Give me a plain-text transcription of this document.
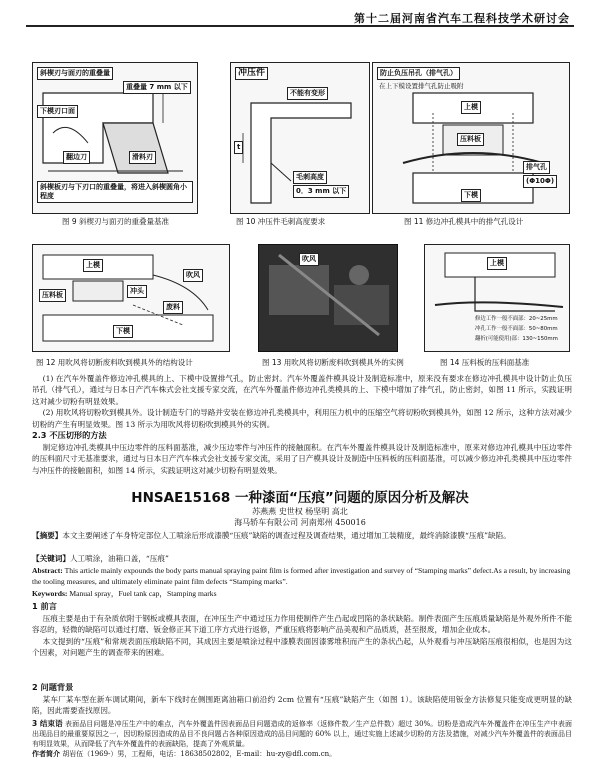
第十二届河南省汽车工程科技学术研讨会
斜楔刃与面刃的重叠量
重叠量 7 mm 以下
下模刃口面
翻边刀	滑料刃
斜楔板刃与下刃口的重叠量，将进入斜楔圆角小程度
图 9 斜楔刃与面刃的重叠量基准
冲压件
不能有变形
t
毛刺高度
0．3 mm 以下
图 10 冲压件毛刺高度要求
防止负压吊孔（排气孔）
在上下模设置排气孔防止吸附
上模
压料板
排气孔
(Φ10Φ)
下模
图 11 修边冲孔模具中的排气孔设计
上模
压料板	冲头
吹风
废料
下模
图 12 用吹风将切断废料吹到模具外的结构设计
吹风
图 13 用吹风将切断废料吹到模具外的实例
上模
修边工作一般不面部：20~25mm
冲孔工作一般不面部：50~80mm
翻折(可能使用)部：130~150mm
图 14 压料板的压料面基准

(1) 在汽车外覆盖件修边冲孔模具的上、下模中设置排气孔，防止密封。汽车外覆盖件模具设计及制造标准中，原来没有要求在修边冲孔模具中设计防止负压吊孔（排气孔），通过与日本日产汽车株式会社支援专家交流，在汽车外覆盖件修边冲孔类模具的上、下模中增加了排气孔，防止密封，如图 11 所示，实践证明这对减少切粉有明显效果。

(2) 用吹风将切粉吹到模具外。设计制造专门的导路并安装在修边冲孔类模具中，利用压力机中的压缩空气将切粉吹到模具外，如图 12 所示，这种方法对减少切粉的产生有明显效果。图 13 所示为用吹风将切粉吹到模具外的实例。

2.3 不压切形的方法

制定修边冲孔类模具中压边零件的压料面基准，减少压边零件与冲压件的接触面积。在汽车外覆盖件模具设计及制造标准中，原来对修边冲孔模具中压边零件的压料面尺寸无基准要求，通过与日本日产汽车株式会社支援专家交流，采用了日产模具设计及制造中压料板的压料面基准，可以减少修边冲孔类模具中压边零件与冲压件的接触面积，如图 14 所示，实践证明这对减少切粉有明显效果。

HNSAE15168 一种漆面“压痕”问题的原因分析及解决
苏燕燕 史世权 杨坚明 高北
海马轿车有限公司 河南郑州 450016
【摘要】本文主要阐述了车身特定部位人工喷涂后形成漆膜“压痕”缺陷的调查过程及调查结果，通过增加工装精度，最终消除漆膜“压痕”缺陷。
【关键词】人工喷涂，油箱口盖，“压痕”
Abstract: This article mainly expounds the body parts manual spraying paint film is formed after investigation and survey of “Stamping marks” defect.As a result, by increasing the tooling measures, and ultimately eliminate paint film defects “Stamping marks”.
Keywords: Manual spray，Fuel tank cap，Stamping marks
1 前言

压痕主要是由于有杂质依附于钢板或模具表面，在冲压生产中通过压力作用使制件产生凸起或凹陷的条状缺陷。制件表面产生压痕质量缺陷是外观外所件不能容忍的，轻微的缺陷可以通过打磨、钣金修正其下道工序方式进行返修，严重压痕将影响产品美观和产品质质，甚至报废，增加企业成本。

本文提到的“压痕”和常规表面压痕缺陷不同，其成因主要是喷涂过程中漆膜表面因漆雾堆积而产生的条状凸起，从外观看与冲压缺陷压痕很相似，也是因为这个因素，对问题产生的调查带来的困难。

2 问题背景

某车厂某车型在新车调试期间，新车下线时在侧围距离油箱口前沿约 2cm 位置有“压痕”缺陷产生（如图 1）。该缺陷使用钣金方法修复只能变成更明显的缺陷，因此需要查找原因。

3 结束语 表面品目问题是冲压生产中的难点，汽车外覆盖件因表面品目问题造成的返修率（返修件数／生产总件数）超过 30%。切粉是造成汽车外覆盖件在冲压生产中表面出现品目的最重要原因之一，因切粉原因造成的品目不良问题占各种原因造成的品目问题的 60% 以上，通过实施上述减少切粉的方法及措施，对减少汽车外覆盖件的表面品目有明显效果，从而降低了汽车外覆盖件的表面缺陷，提高了外观质量。
作者简介 胡岩伍（1969-）男，工程师，电话：18638502802，E-mail：hu-zy@dfl.com.cn。
